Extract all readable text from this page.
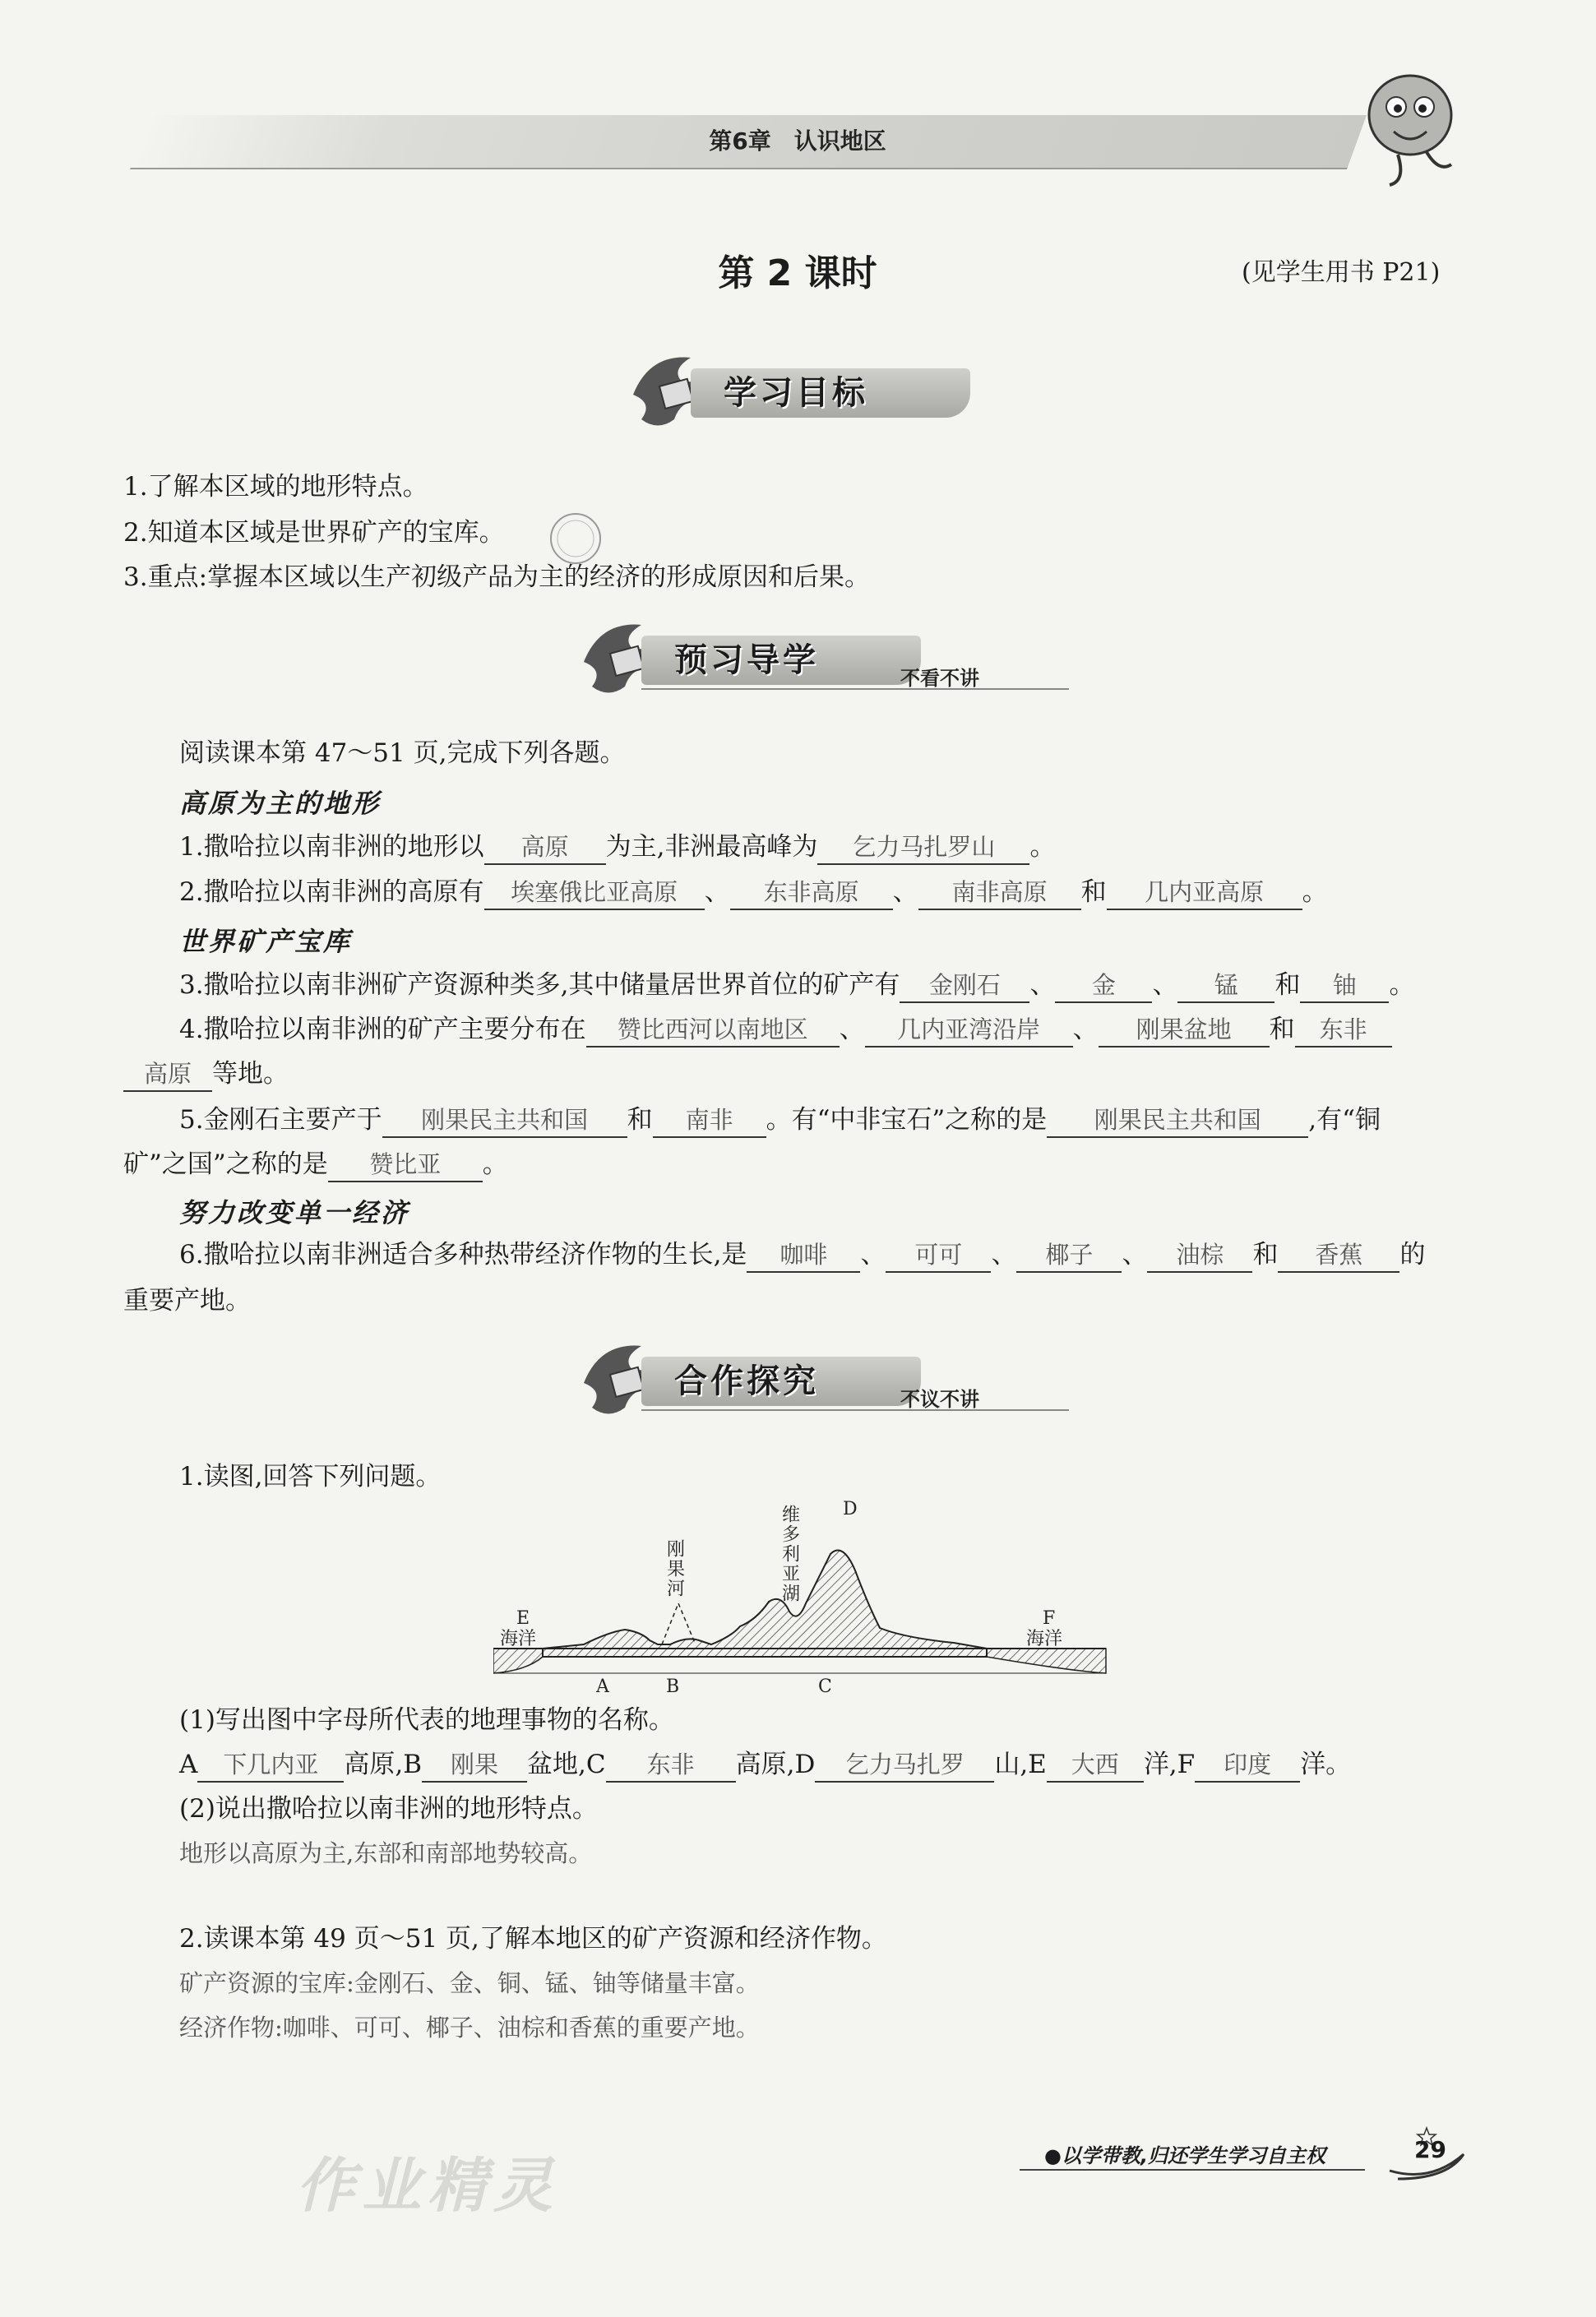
第6章　认识地区
第 2 课时	(见学生用书 P21)
学习目标
1.了解本区域的地形特点。
2.知道本区域是世界矿产的宝库。
3.重点:掌握本区域以生产初级产品为主的经济的形成原因和后果。
预习导学	不看不讲
阅读课本第 47～51 页,完成下列各题。
高原为主的地形
1.撒哈拉以南非洲的地形以 高原 为主,非洲最高峰为 乞力马扎罗山 。
2.撒哈拉以南非洲的高原有 埃塞俄比亚高原 、 东非高原 、 南非高原 和 几内亚高原 。
世界矿产宝库
3.撒哈拉以南非洲矿产资源种类多,其中储量居世界首位的矿产有 金刚石 、 金 、 锰 和 铀 。
4.撒哈拉以南非洲的矿产主要分布在 赞比西河以南地区 、 几内亚湾沿岸 、 刚果盆地 和 东非
高原 等地。
5.金刚石主要产于 刚果民主共和国 和 南非 。有“中非宝石”之称的是 刚果民主共和国 ,有“铜
矿”之国”之称的是 赞比亚 。
努力改变单一经济
6.撒哈拉以南非洲适合多种热带经济作物的生长,是 咖啡 、 可可 、 椰子 、 油棕 和 香蕉 的
重要产地。
合作探究	不议不讲
1.读图,回答下列问题。
E
海洋
F
海洋
D
A	B	C
维多利亚湖
刚果河
(1)写出图中字母所代表的地理事物的名称。
A 下几内亚 高原,B 刚果 盆地,C 东非 高原,D 乞力马扎罗 山,E 大西 洋,F 印度 洋。
(2)说出撒哈拉以南非洲的地形特点。
地形以高原为主,东部和南部地势较高。
2.读课本第 49 页～51 页,了解本地区的矿产资源和经济作物。
矿产资源的宝库:金刚石、金、铜、锰、铀等储量丰富。
经济作物:咖啡、可可、椰子、油棕和香蕉的重要产地。
作业精灵	●以学带教,归还学生学习自主权	29
